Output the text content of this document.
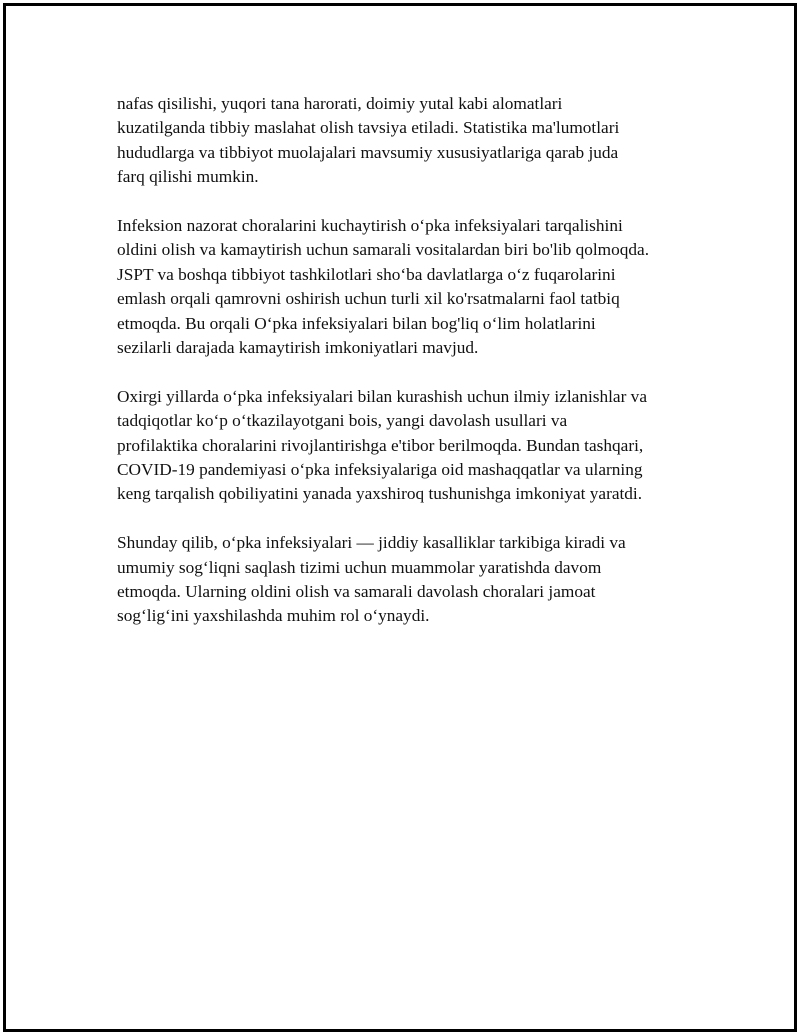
nafas qisilishi, yuqori tana harorati, doimiy yutal kabi alomatlari
kuzatilganda tibbiy maslahat olish tavsiya etiladi. Statistika ma'lumotlari
hududlarga va tibbiyot muolajalari mavsumiy xususiyatlariga qarab juda
farq qilishi mumkin.

Infeksion nazorat choralarini kuchaytirish oʻpka infeksiyalari tarqalishini
oldini olish va kamaytirish uchun samarali vositalardan biri bo'lib qolmoqda.
JSPT va boshqa tibbiyot tashkilotlari shoʻba davlatlarga oʻz fuqarolarini
emlash orqali qamrovni oshirish uchun turli xil ko'rsatmalarni faol tatbiq
etmoqda. Bu orqali Oʻpka infeksiyalari bilan bog'liq oʻlim holatlarini
sezilarli darajada kamaytirish imkoniyatlari mavjud.

Oxirgi yillarda oʻpka infeksiyalari bilan kurashish uchun ilmiy izlanishlar va
tadqiqotlar koʻp oʻtkazilayotgani bois, yangi davolash usullari va
profilaktika choralarini rivojlantirishga e'tibor berilmoqda. Bundan tashqari,
COVID-19 pandemiyasi oʻpka infeksiyalariga oid mashaqqatlar va ularning
keng tarqalish qobiliyatini yanada yaxshiroq tushunishga imkoniyat yaratdi.

Shunday qilib, oʻpka infeksiyalari — jiddiy kasalliklar tarkibiga kiradi va
umumiy sogʻliqni saqlash tizimi uchun muammolar yaratishda davom
etmoqda. Ularning oldini olish va samarali davolash choralari jamoat
sogʻligʻini yaxshilashda muhim rol oʻynaydi.
